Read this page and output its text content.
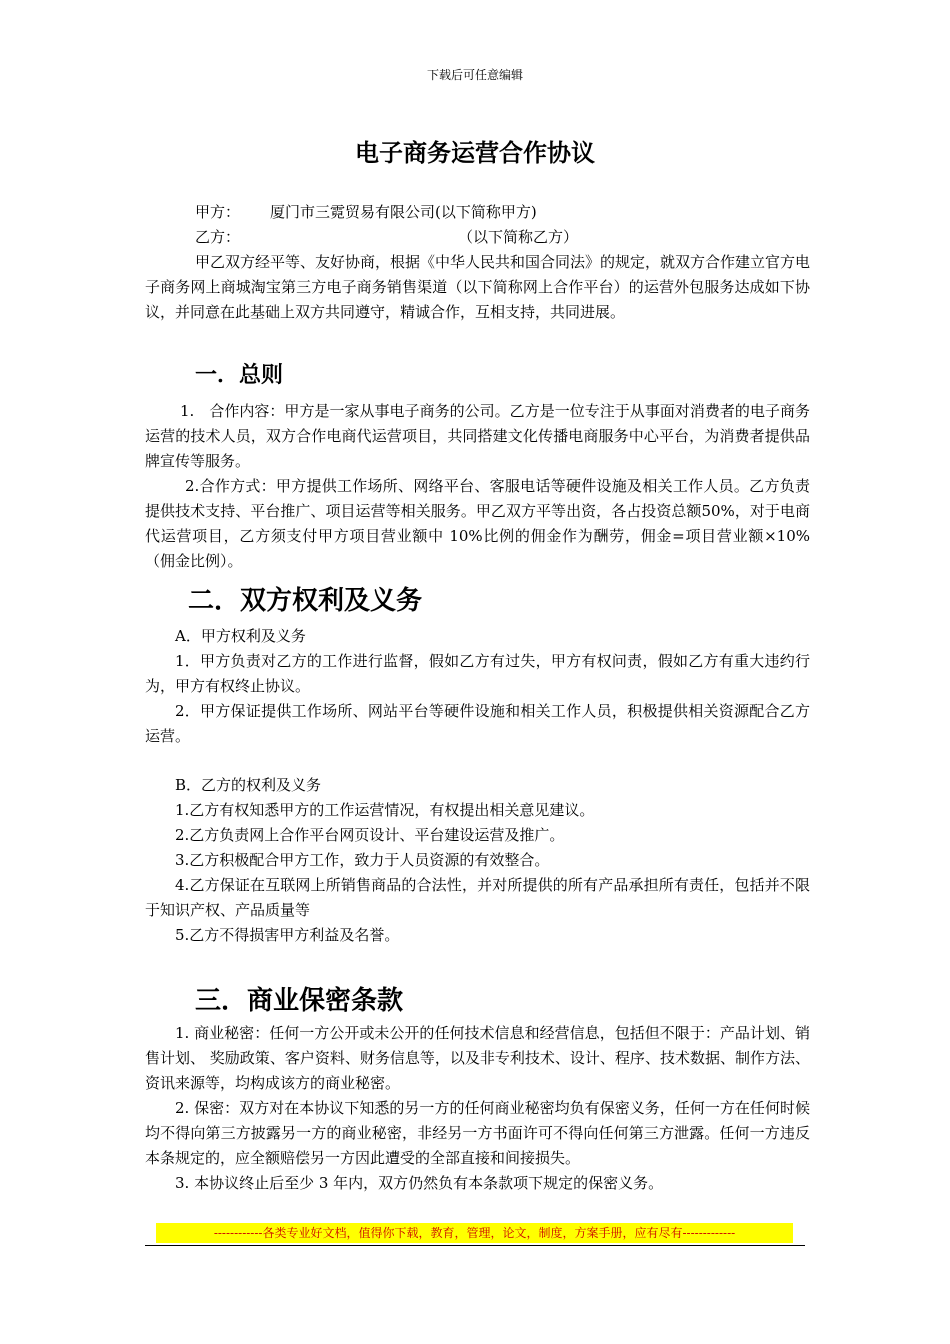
下载后可任意编辑
电子商务运营合作协议
甲方： 厦门市三霓贸易有限公司(以下简称甲方)
乙方：	（以下简称乙方）
甲乙双方经平等、友好协商，根据《中华人民共和国合同法》的规定，就双方合作建立官方电子商务网上商城淘宝第三方电子商务销售渠道（以下简称网上合作平台）的运营外包服务达成如下协议，并同意在此基础上双方共同遵守，精诚合作，互相支持，共同进展。
一．总则
1.　合作内容：甲方是一家从事电子商务的公司。乙方是一位专注于从事面对消费者的电子商务运营的技术人员，双方合作电商代运营项目，共同搭建文化传播电商服务中心平台，为消费者提供品牌宣传等服务。
2.合作方式：甲方提供工作场所、网络平台、客服电话等硬件设施及相关工作人员。乙方负责提供技术支持、平台推广、项目运营等相关服务。甲乙双方平等出资，各占投资总额50%，对于电商代运营项目，乙方须支付甲方项目营业额中 10%比例的佣金作为酬劳，佣金=项目营业额×10%（佣金比例）。
二．双方权利及义务
A．甲方权利及义务
1．甲方负责对乙方的工作进行监督，假如乙方有过失，甲方有权问责，假如乙方有重大违约行为，甲方有权终止协议。
2．甲方保证提供工作场所、网站平台等硬件设施和相关工作人员，积极提供相关资源配合乙方运营。
B．乙方的权利及义务
1.乙方有权知悉甲方的工作运营情况，有权提出相关意见建议。
2.乙方负责网上合作平台网页设计、平台建设运营及推广。
3.乙方积极配合甲方工作，致力于人员资源的有效整合。
4.乙方保证在互联网上所销售商品的合法性，并对所提供的所有产品承担所有责任，包括并不限于知识产权、产品质量等
5.乙方不得损害甲方利益及名誉。
三．商业保密条款
1. 商业秘密：任何一方公开或未公开的任何技术信息和经营信息，包括但不限于：产品计划、销售计划、 奖励政策、客户资料、财务信息等，以及非专利技术、设计、程序、技术数据、制作方法、资讯来源等，均构成该方的商业秘密。
2. 保密：双方对在本协议下知悉的另一方的任何商业秘密均负有保密义务，任何一方在任何时候均不得向第三方披露另一方的商业秘密，非经另一方书面许可不得向任何第三方泄露。任何一方违反本条规定的，应全额赔偿另一方因此遭受的全部直接和间接损失。
3. 本协议终止后至少 3 年内，双方仍然负有本条款项下规定的保密义务。
------------各类专业好文档，值得你下载，教育，管理，论文，制度，方案手册，应有尽有-------------
